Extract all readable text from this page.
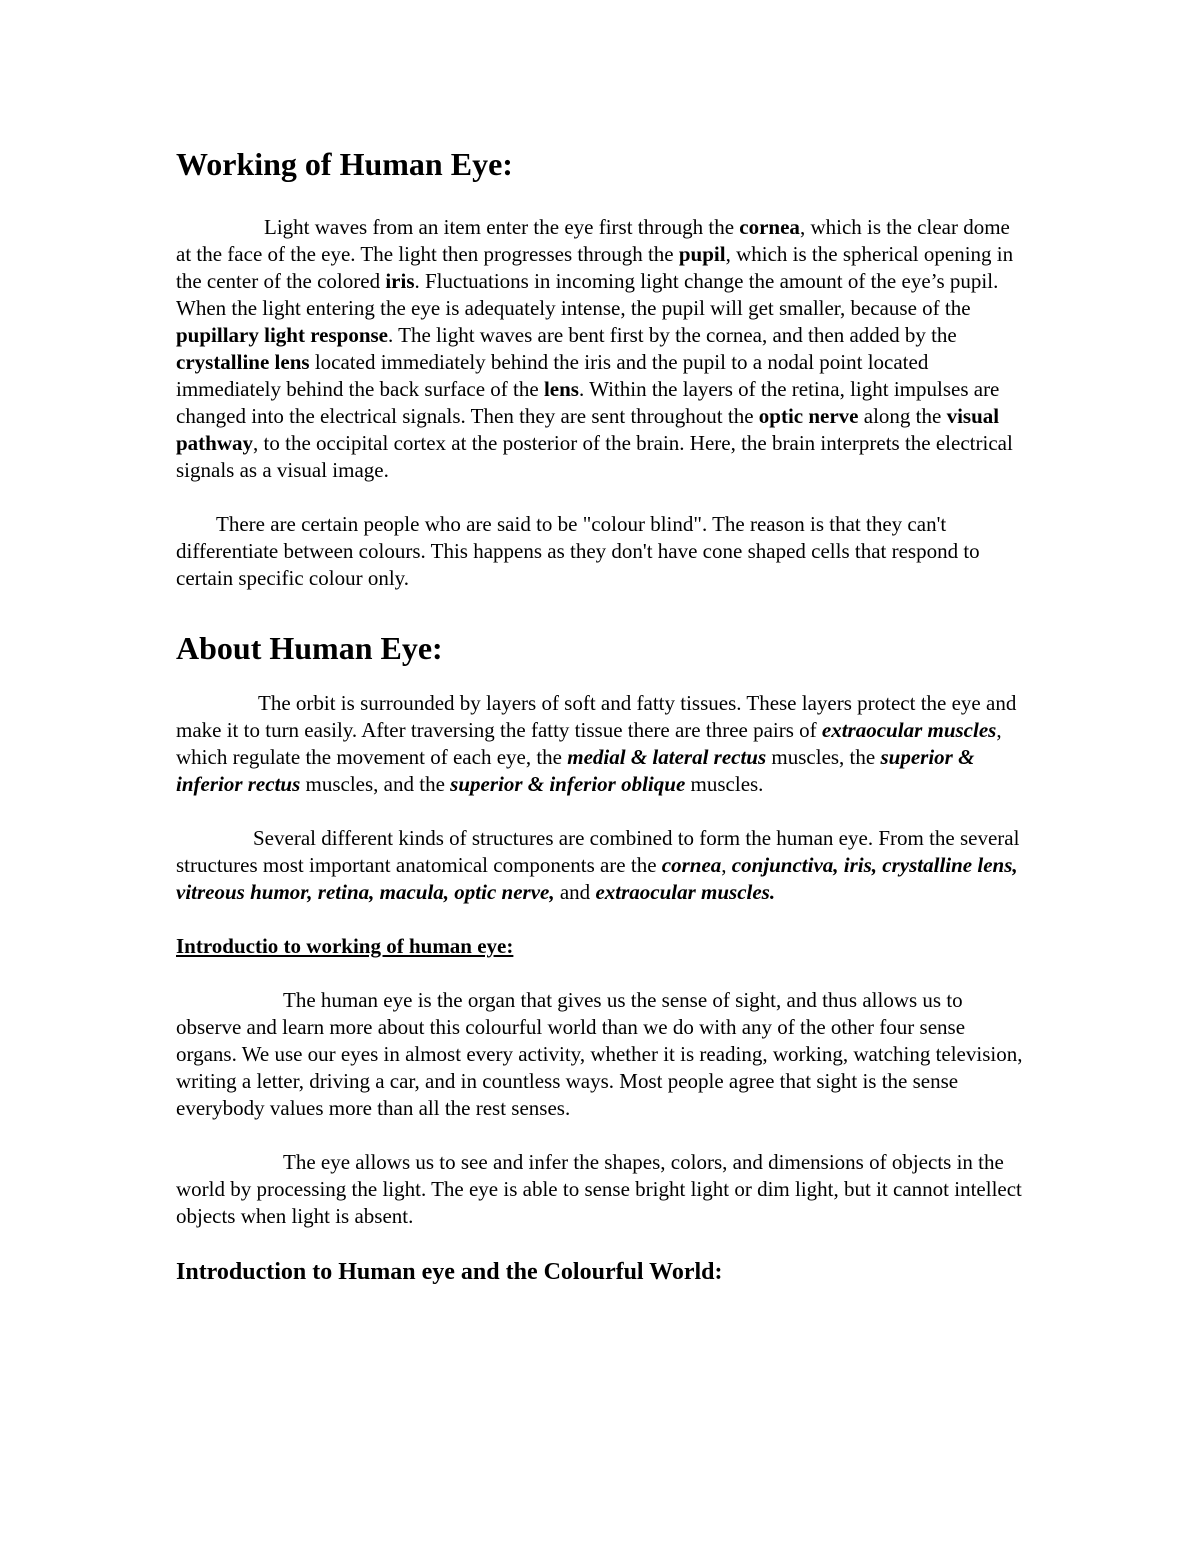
Working of Human Eye:

Light waves from an item enter the eye first through the cornea, which is the clear dome at the face of the eye. The light then progresses through the pupil, which is the spherical opening in the center of the colored iris. Fluctuations in incoming light change the amount of the eye’s pupil. When the light entering the eye is adequately intense, the pupil will get smaller, because of the pupillary light response. The light waves are bent first by the cornea, and then added by the crystalline lens located immediately behind the iris and the pupil to a nodal point located immediately behind the back surface of the lens. Within the layers of the retina, light impulses are changed into the electrical signals. Then they are sent throughout the optic nerve along the visual pathway, to the occipital cortex at the posterior of the brain. Here, the brain interprets the electrical signals as a visual image.

There are certain people who are said to be "colour blind". The reason is that they can't differentiate between colours. This happens as they don't have cone shaped cells that respond to certain specific colour only.

About Human Eye:

The orbit is surrounded by layers of soft and fatty tissues. These layers protect the eye and make it to turn easily. After traversing the fatty tissue there are three pairs of extraocular muscles, which regulate the movement of each eye, the medial & lateral rectus muscles, the superior & inferior rectus muscles, and the superior & inferior oblique muscles.

Several different kinds of structures are combined to form the human eye. From the several structures most important anatomical components are the cornea, conjunctiva, iris, crystalline lens, vitreous humor, retina, macula, optic nerve, and extraocular muscles.

Introductio to working of human eye:

The human eye is the organ that gives us the sense of sight, and thus allows us to observe and learn more about this colourful world than we do with any of the other four sense organs. We use our eyes in almost every activity, whether it is reading, working, watching television, writing a letter, driving a car, and in countless ways. Most people agree that sight is the sense everybody values more than all the rest senses.

The eye allows us to see and infer the shapes, colors, and dimensions of objects in the world by processing the light. The eye is able to sense bright light or dim light, but it cannot intellect objects when light is absent.

Introduction to Human eye and the Colourful World:
